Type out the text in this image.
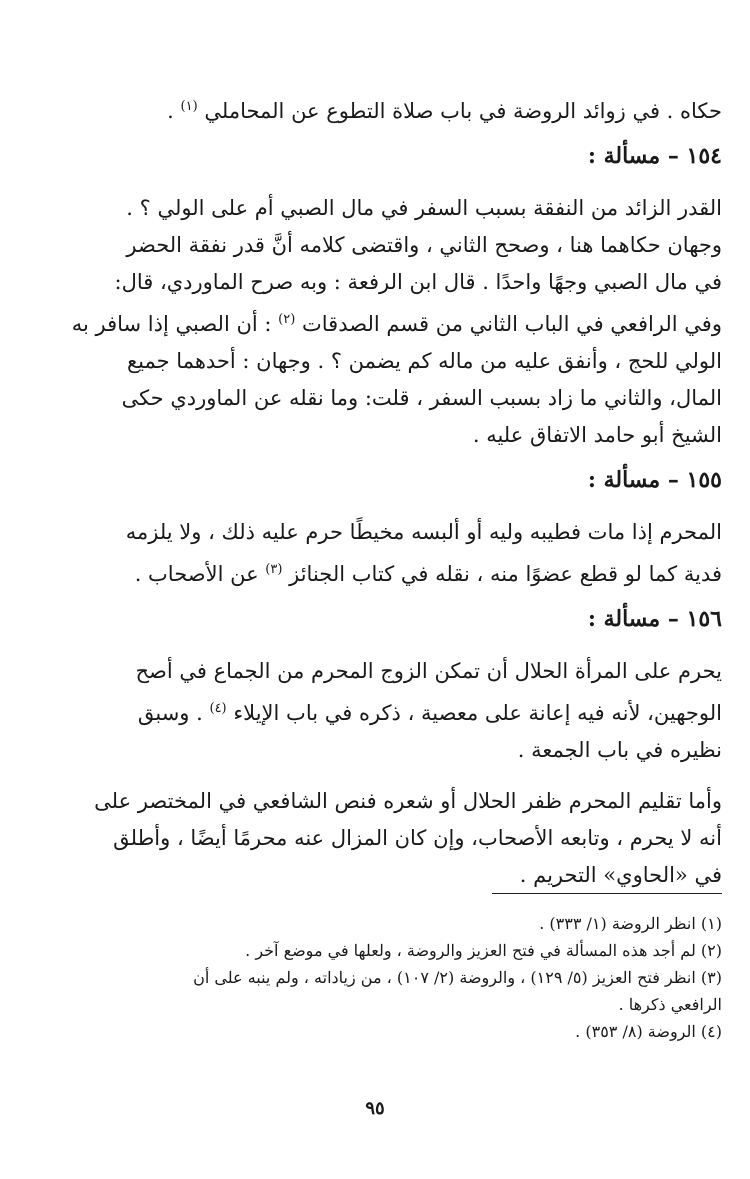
حكاه . في زوائد الروضة في باب صلاة التطوع عن المحاملي $^{(١)}$ .
١٥٤ – مسألة :
القدر الزائد من النفقة بسبب السفر في مال الصبي أم على الولي ؟ .
وجهان حكاهما هنا ، وصحح الثاني ، واقتضى كلامه أنَّ قدر نفقة الحضر
في مال الصبي وجهًا واحدًا . قال ابن الرفعة : وبه صرح الماوردي، قال:
وفي الرافعي في الباب الثاني من قسم الصدقات $^{(٢)}$ : أن الصبي إذا سافر به
الولي للحج ، وأنفق عليه من ماله كم يضمن ؟ . وجهان : أحدهما جميع
المال، والثاني ما زاد بسبب السفر ، قلت: وما نقله عن الماوردي حكى
الشيخ أبو حامد الاتفاق عليه .
١٥٥ – مسألة :
المحرم إذا مات فطيبه وليه أو ألبسه مخيطًا حرم عليه ذلك ، ولا يلزمه
فدية كما لو قطع عضوًا منه ، نقله في كتاب الجنائز $^{(٣)}$ عن الأصحاب .
١٥٦ – مسألة :
يحرم على المرأة الحلال أن تمكن الزوج المحرم من الجماع في أصح
الوجهين، لأنه فيه إعانة على معصية ، ذكره في باب الإيلاء $^{(٤)}$ . وسبق
نظيره في باب الجمعة .
وأما تقليم المحرم ظفر الحلال أو شعره فنص الشافعي في المختصر على
أنه لا يحرم ، وتابعه الأصحاب، وإن كان المزال عنه محرمًا أيضًا ، وأطلق
في «الحاوي» التحريم .
(١) انظر الروضة (١/ ٣٣٣) .
(٢) لم أجد هذه المسألة في فتح العزيز والروضة ، ولعلها في موضع آخر .
(٣) انظر فتح العزيز (٥/ ١٢٩) ، والروضة (٢/ ١٠٧) ، من زياداته ، ولم ينبه على أن
الرافعي ذكرها .
(٤) الروضة (٨/ ٣٥٣) .
٩٥
